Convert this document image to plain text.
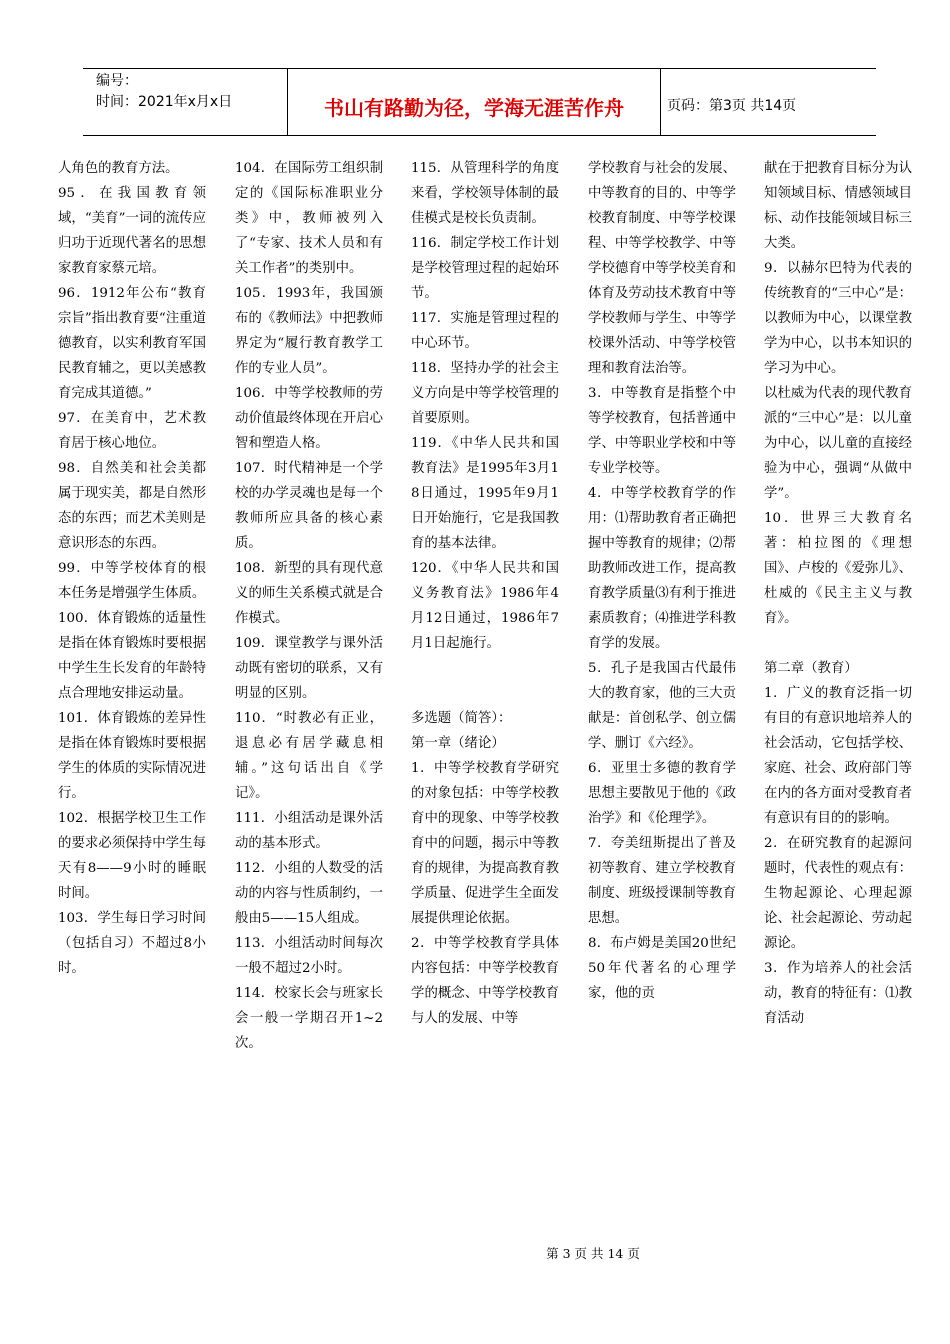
编号：
时间：2021年x月x日	书山有路勤为径，学海无涯苦作舟	页码：第3页 共14页

人角色的教育方法。

95．在我国教育领域，“美育”一词的流传应归功于近现代著名的思想家教育家蔡元培。

96．1912年公布“教育宗旨”指出教育要“注重道德教育，以实利教育军国民教育辅之，更以美感教育完成其道德。”

97．在美育中，艺术教育居于核心地位。

98．自然美和社会美都属于现实美，都是自然形态的东西；而艺术美则是意识形态的东西。

99．中等学校体育的根本任务是增强学生体质。

100．体育锻炼的适量性是指在体育锻炼时要根据中学生生长发育的年龄特点合理地安排运动量。

101．体育锻炼的差异性是指在体育锻炼时要根据学生的体质的实际情况进行。

102．根据学校卫生工作的要求必须保持中学生每天有8——9小时的睡眠时间。

103．学生每日学习时间（包括自习）不超过8小时。

104．在国际劳工组织制定的《国际标准职业分类》中，教师被列入了“专家、技术人员和有关工作者”的类别中。

105．1993年，我国颁布的《教师法》中把教师界定为“履行教育教学工作的专业人员”。

106．中等学校教师的劳动价值最终体现在开启心智和塑造人格。

107．时代精神是一个学校的办学灵魂也是每一个教师所应具备的核心素质。

108．新型的具有现代意义的师生关系模式就是合作模式。

109．课堂教学与课外活动既有密切的联系，又有明显的区别。

110．“时教必有正业，退息必有居学藏息相辅。”这句话出自《学记》。

111．小组活动是课外活动的基本形式。

112．小组的人数受的活动的内容与性质制约，一般由5——15人组成。

113．小组活动时间每次一般不超过2小时。

114．校家长会与班家长会一般一学期召开1~2次。

115．从管理科学的角度来看，学校领导体制的最佳模式是校长负责制。

116．制定学校工作计划是学校管理过程的起始环节。

117．实施是管理过程的中心环节。

118．坚持办学的社会主义方向是中等学校管理的首要原则。

119．《中华人民共和国教育法》是1995年3月18日通过，1995年9月1日开始施行，它是我国教育的基本法律。

120．《中华人民共和国义务教育法》1986年4月12日通过，1986年7月1日起施行。

多选题（简答）：

第一章（绪论）

1．中等学校教育学研究的对象包括：中等学校教育中的现象、中等学校教育中的问题，揭示中等教育的规律，为提高教育教学质量、促进学生全面发展提供理论依据。

2．中等学校教育学具体内容包括：中等学校教育学的概念、中等学校教育与人的发展、中等

学校教育与社会的发展、中等教育的目的、中等学校教育制度、中等学校课程、中等学校教学、中等学校德育中等学校美育和体育及劳动技术教育中等学校教师与学生、中等学校课外活动、中等学校管理和教育法治等。

3．中等教育是指整个中等学校教育，包括普通中学、中等职业学校和中等专业学校等。

4．中等学校教育学的作用：⑴帮助教育者正确把握中等教育的规律；⑵帮助教师改进工作，提高教育教学质量⑶有利于推进素质教育；⑷推进学科教育学的发展。

5．孔子是我国古代最伟大的教育家，他的三大贡献是：首创私学、创立儒学、删订《六经》。

6．亚里士多德的教育学思想主要散见于他的《政治学》和《伦理学》。

7．夸美纽斯提出了普及初等教育、建立学校教育制度、班级授课制等教育思想。

8．布卢姆是美国20世纪50年代著名的心理学家，他的贡

献在于把教育目标分为认知领域目标、情感领域目标、动作技能领域目标三大类。

9．以赫尔巴特为代表的传统教育的“三中心”是：以教师为中心，以课堂教学为中心，以书本知识的学习为中心。

以杜威为代表的现代教育派的“三中心”是：以儿童为中心，以儿童的直接经验为中心，强调“从做中学”。

10．世界三大教育名著：柏拉图的《理想国》、卢梭的《爱弥儿》、杜威的《民主主义与教育》。

第二章（教育）

1．广义的教育泛指一切有目的有意识地培养人的社会活动，它包括学校、家庭、社会、政府部门等在内的各方面对受教育者有意识有目的的影响。

2．在研究教育的起源问题时，代表性的观点有：生物起源论、心理起源论、社会起源论、劳动起源论。

3．作为培养人的社会活动，教育的特征有：⑴教育活动

第 3 页 共 14 页
